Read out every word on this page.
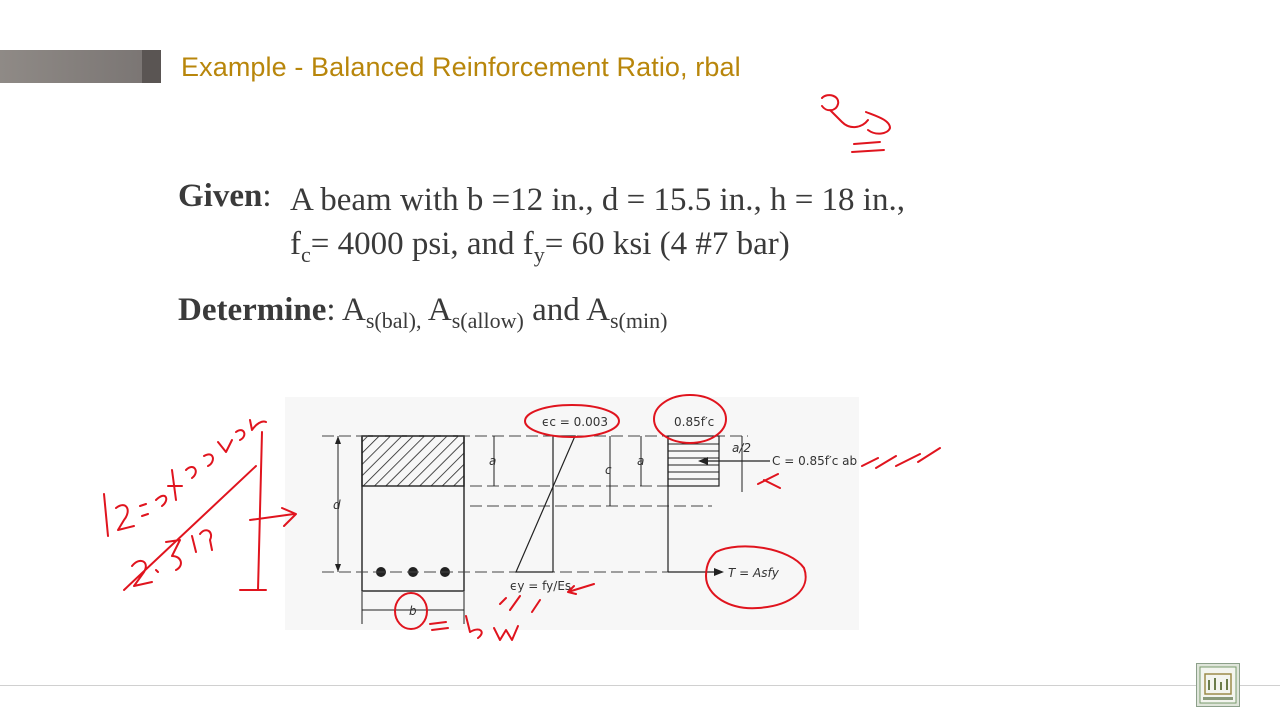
Example - Balanced Reinforcement Ratio, rbal
Given: A beam with b =12 in., d = 15.5 in., h = 18 in.,
$f_c= 4000$ psi, and $f_y= 60$ ksi (4 #7 bar)
Determine: $A_{s(bal),}$ $A_{s(allow)}$ and $A_{s(min)}$
d
b
a
c
ϵc = 0.003
ϵy = fy/Es
a
0.85f′c
a/2
C = 0.85f′c ab
T = Asfy
